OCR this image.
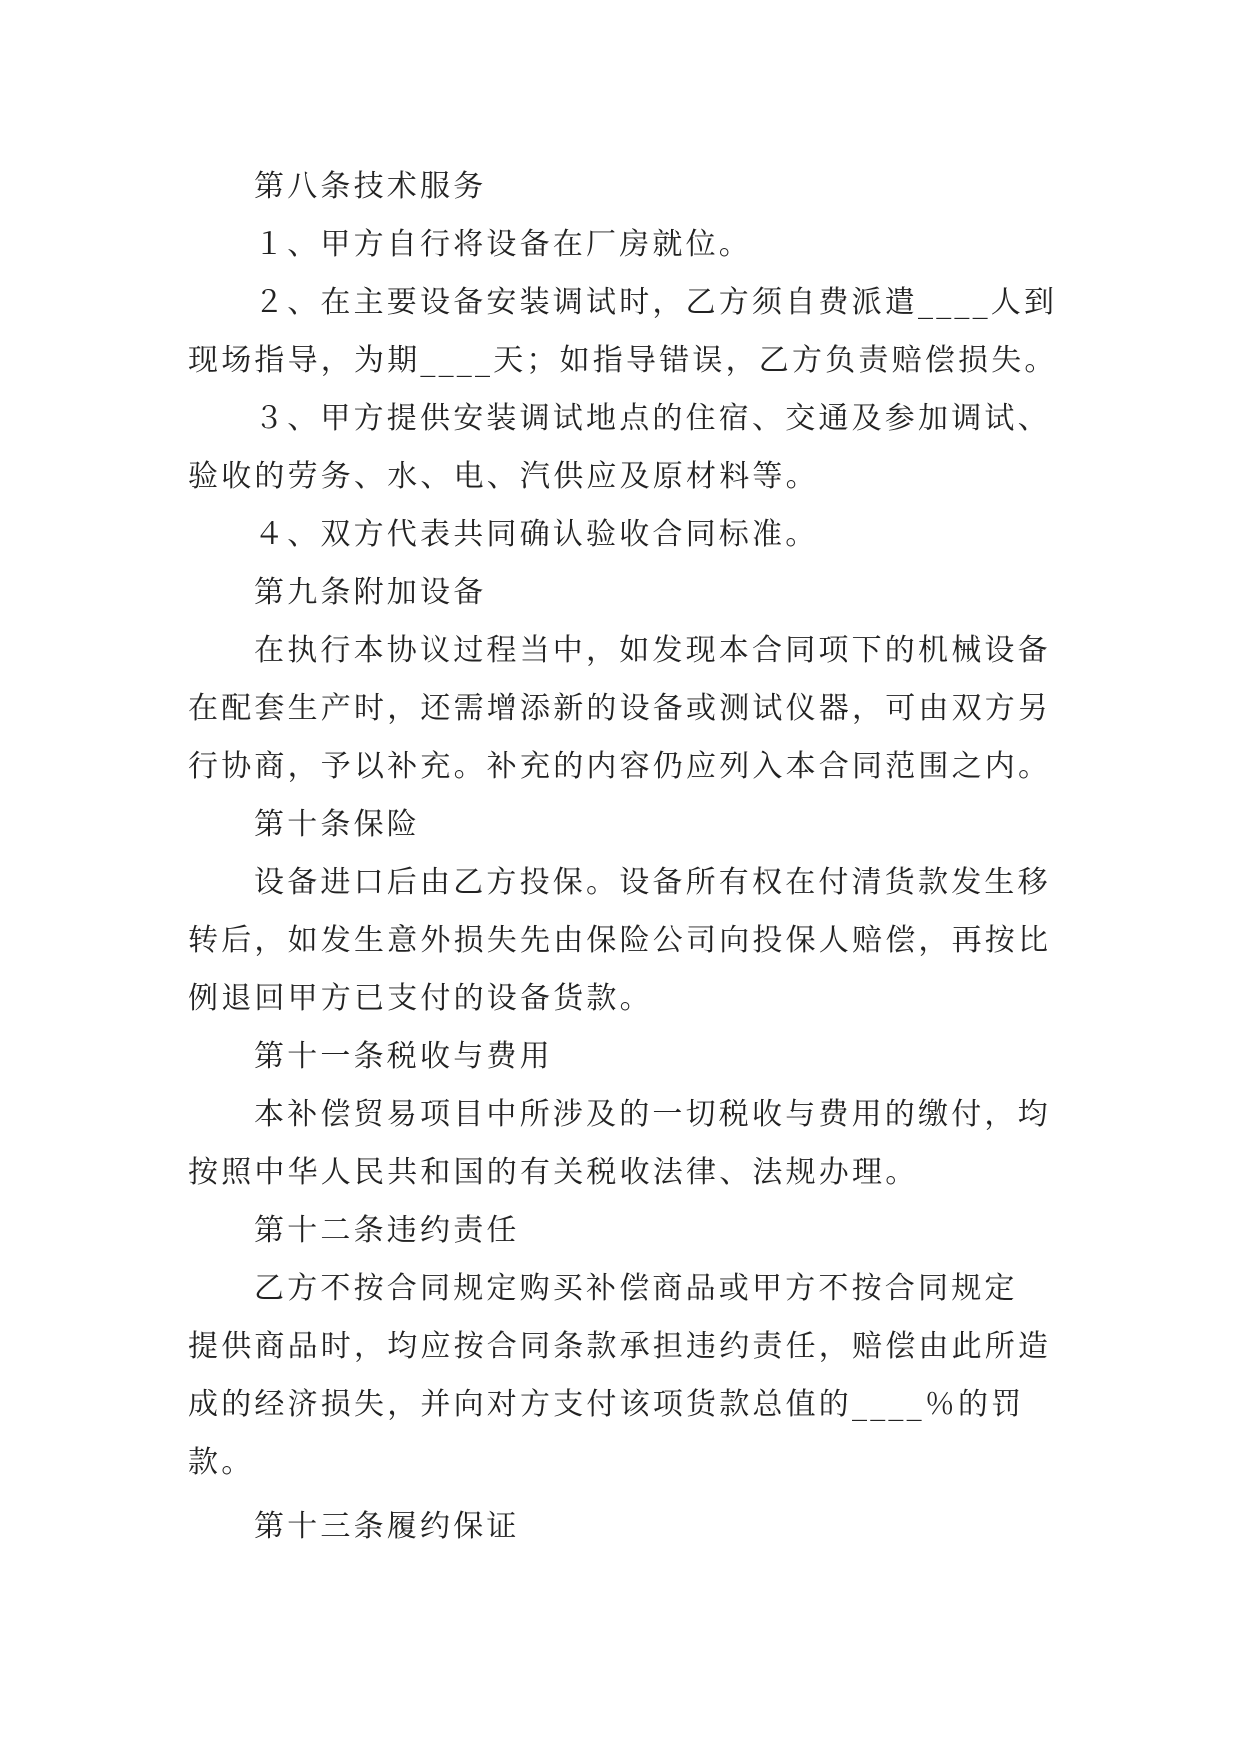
第八条技术服务
１、甲方自行将设备在厂房就位。
２、在主要设备安装调试时，乙方须自费派遣____人到
现场指导，为期____天；如指导错误，乙方负责赔偿损失。
３、甲方提供安装调试地点的住宿、交通及参加调试、
验收的劳务、水、电、汽供应及原材料等。
４、双方代表共同确认验收合同标准。
第九条附加设备
在执行本协议过程当中，如发现本合同项下的机械设备
在配套生产时，还需增添新的设备或测试仪器，可由双方另
行协商，予以补充。补充的内容仍应列入本合同范围之内。
第十条保险
设备进口后由乙方投保。设备所有权在付清货款发生移
转后，如发生意外损失先由保险公司向投保人赔偿，再按比
例退回甲方已支付的设备货款。
第十一条税收与费用
本补偿贸易项目中所涉及的一切税收与费用的缴付，均
按照中华人民共和国的有关税收法律、法规办理。
第十二条违约责任
乙方不按合同规定购买补偿商品或甲方不按合同规定
提供商品时，均应按合同条款承担违约责任，赔偿由此所造
成的经济损失，并向对方支付该项货款总值的____％的罚
款。
第十三条履约保证
